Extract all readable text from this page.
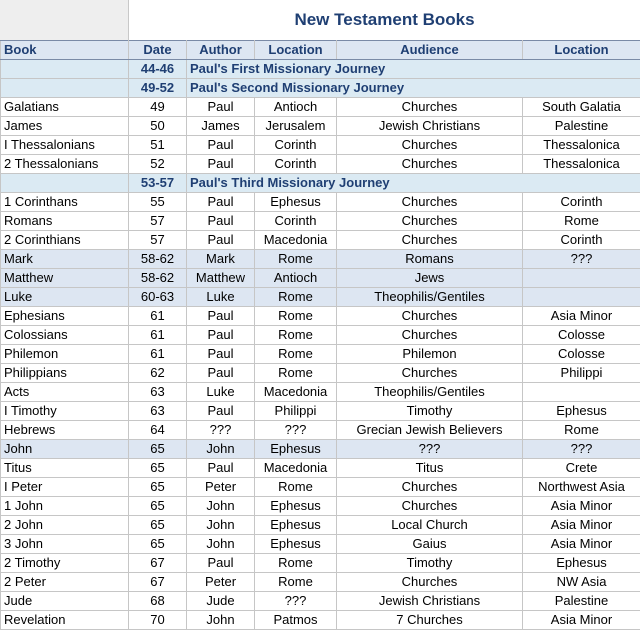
New Testament Books
Book	Date	Author	Location	Audience	Location
	44-46	Paul's First Missionary Journey			
	49-52	Paul's Second Missionary Journey			
Galatians	49	Paul	Antioch	Churches	South Galatia
James	50	James	Jerusalem	Jewish Christians	Palestine
I Thessalonians	51	Paul	Corinth	Churches	Thessalonica
2 Thessalonians	52	Paul	Corinth	Churches	Thessalonica
	53-57	Paul's Third Missionary Journey			
1 Corinthans	55	Paul	Ephesus	Churches	Corinth
Romans	57	Paul	Corinth	Churches	Rome
2 Corinthians	57	Paul	Macedonia	Churches	Corinth
Mark	58-62	Mark	Rome	Romans	???
Matthew	58-62	Matthew	Antioch	Jews	
Luke	60-63	Luke	Rome	Theophilis/Gentiles	
Ephesians	61	Paul	Rome	Churches	Asia Minor
Colossians	61	Paul	Rome	Churches	Colosse
Philemon	61	Paul	Rome	Philemon	Colosse
Philippians	62	Paul	Rome	Churches	Philippi
Acts	63	Luke	Macedonia	Theophilis/Gentiles	
I Timothy	63	Paul	Philippi	Timothy	Ephesus
Hebrews	64	???	???	Grecian Jewish Believers	Rome
John	65	John	Ephesus	???	???
Titus	65	Paul	Macedonia	Titus	Crete
I Peter	65	Peter	Rome	Churches	Northwest Asia
1 John	65	John	Ephesus	Churches	Asia Minor
2 John	65	John	Ephesus	Local Church	Asia Minor
3 John	65	John	Ephesus	Gaius	Asia Minor
2 Timothy	67	Paul	Rome	Timothy	Ephesus
2 Peter	67	Peter	Rome	Churches	NW Asia
Jude	68	Jude	???	Jewish Christians	Palestine
Revelation	70	John	Patmos	7 Churches	Asia Minor
